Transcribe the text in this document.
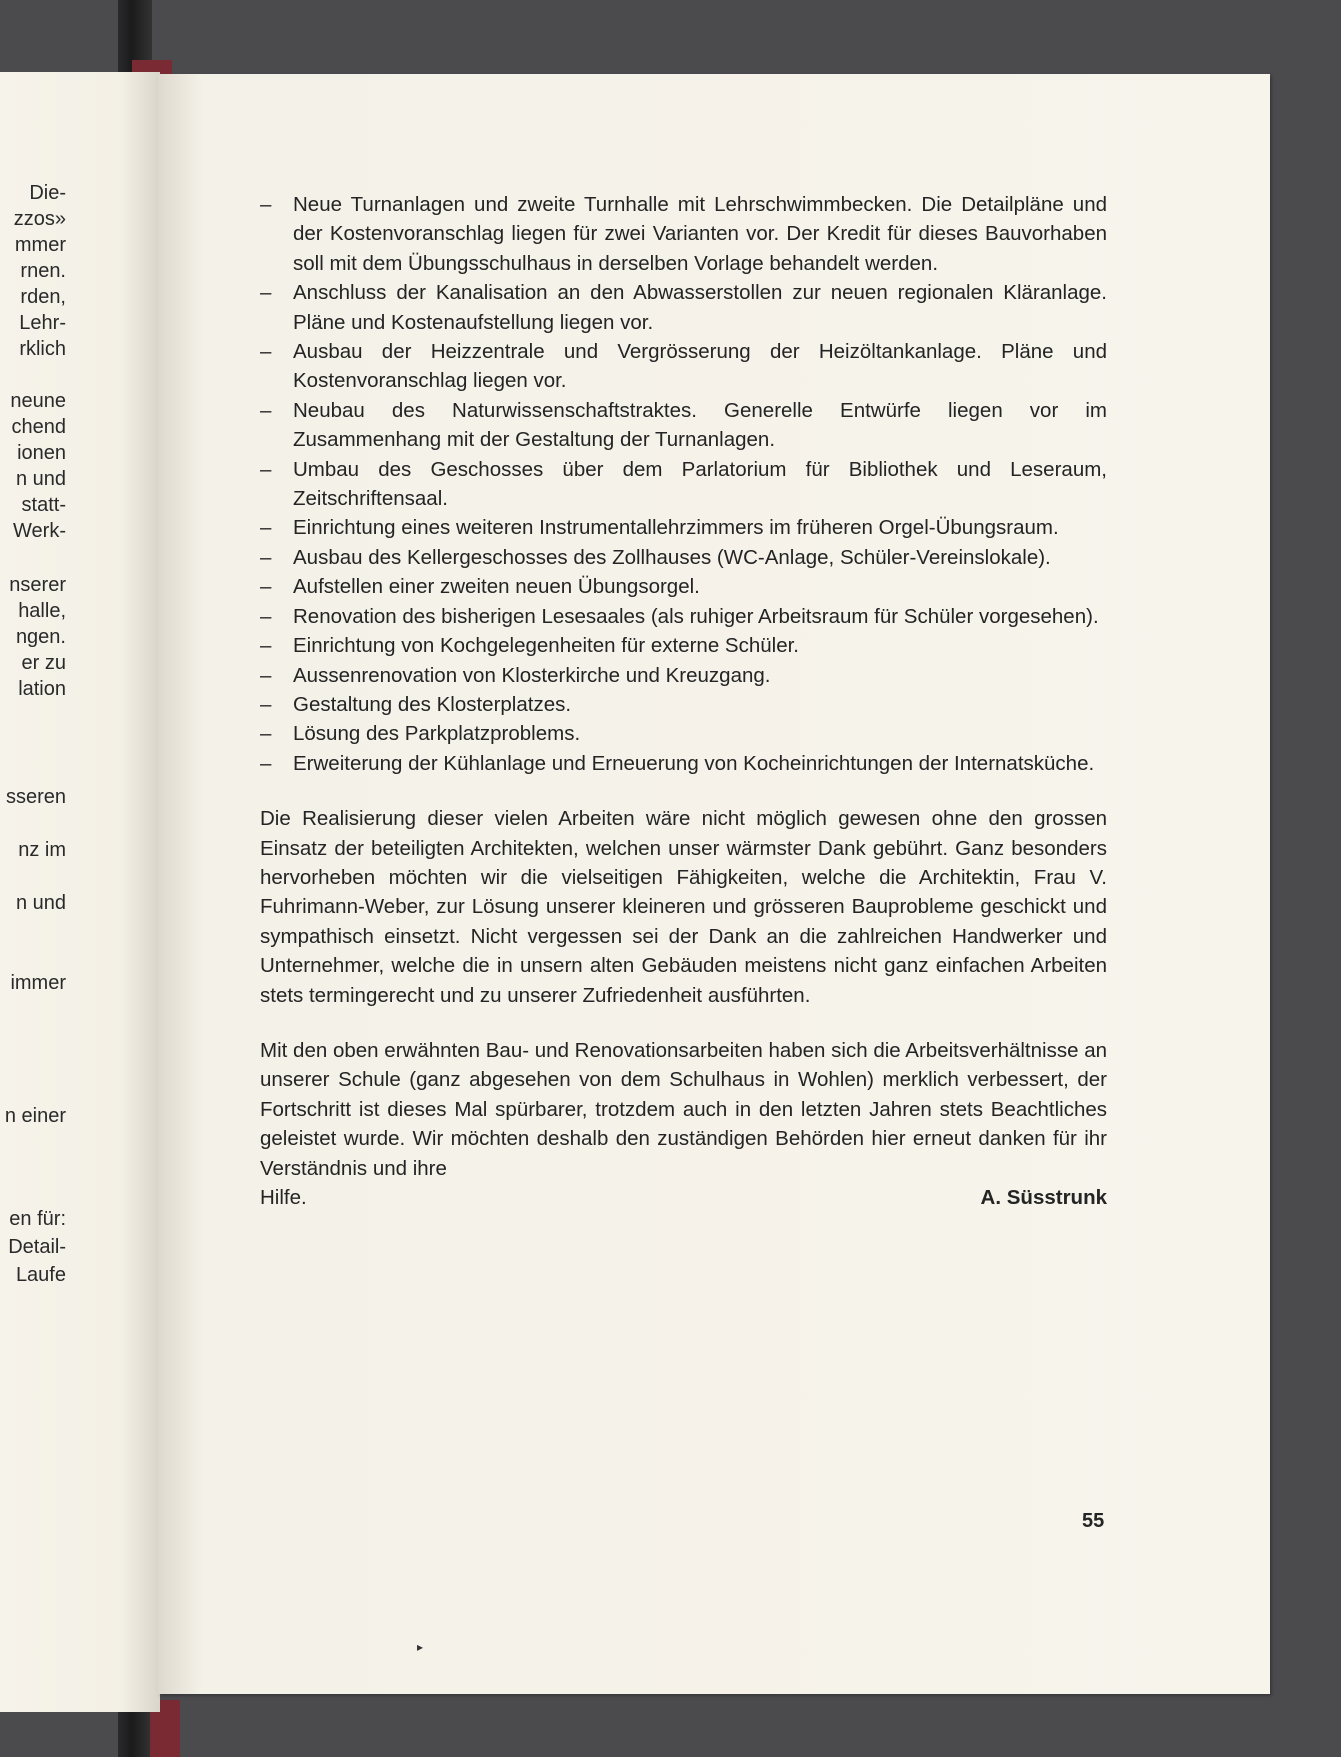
Die-
zzos»
mmer
rnen.
rden,
Lehr-
rklich
neune
chend
ionen
n und
statt-
Werk-
nserer
halle,
ngen.
er zu
lation
sseren
nz im
n und
immer
n einer
en für:
Detail-
Laufe
– Neue Turnanlagen und zweite Turnhalle mit Lehrschwimmbecken. Die Detailpläne und der Kostenvoranschlag liegen für zwei Varianten vor. Der Kredit für dieses Bauvorhaben soll mit dem Übungsschulhaus in derselben Vorlage behandelt werden.
– Anschluss der Kanalisation an den Abwasserstollen zur neuen regionalen Kläranlage. Pläne und Kostenaufstellung liegen vor.
– Ausbau der Heizzentrale und Vergrösserung der Heizöltankanlage. Pläne und Kostenvoranschlag liegen vor.
– Neubau des Naturwissenschaftstraktes. Generelle Entwürfe liegen vor im Zusammenhang mit der Gestaltung der Turnanlagen.
– Umbau des Geschosses über dem Parlatorium für Bibliothek und Leseraum, Zeitschriftensaal.
– Einrichtung eines weiteren Instrumentallehrzimmers im früheren Orgel-Übungsraum.
– Ausbau des Kellergeschosses des Zollhauses (WC-Anlage, Schüler-Vereinslokale).
– Aufstellen einer zweiten neuen Übungsorgel.
– Renovation des bisherigen Lesesaales (als ruhiger Arbeitsraum für Schüler vorgesehen).
– Einrichtung von Kochgelegenheiten für externe Schüler.
– Aussenrenovation von Klosterkirche und Kreuzgang.
– Gestaltung des Klosterplatzes.
– Lösung des Parkplatzproblems.
– Erweiterung der Kühlanlage und Erneuerung von Kocheinrichtungen der Internatsküche.

Die Realisierung dieser vielen Arbeiten wäre nicht möglich gewesen ohne den grossen Einsatz der beteiligten Architekten, welchen unser wärmster Dank gebührt. Ganz besonders hervorheben möchten wir die vielseitigen Fähigkeiten, welche die Architektin, Frau V. Fuhrimann-Weber, zur Lösung unserer kleineren und grösseren Bauprobleme geschickt und sympathisch einsetzt. Nicht vergessen sei der Dank an die zahlreichen Handwerker und Unternehmer, welche die in unsern alten Gebäuden meistens nicht ganz einfachen Arbeiten stets termingerecht und zu unserer Zufriedenheit ausführten.

Mit den oben erwähnten Bau- und Renovationsarbeiten haben sich die Arbeitsverhältnisse an unserer Schule (ganz abgesehen von dem Schulhaus in Wohlen) merklich verbessert, der Fortschritt ist dieses Mal spürbarer, trotzdem auch in den letzten Jahren stets Beachtliches geleistet wurde. Wir möchten deshalb den zuständigen Behörden hier erneut danken für ihr Verständnis und ihre

Hilfe.	A. Süsstrunk
55
▸
